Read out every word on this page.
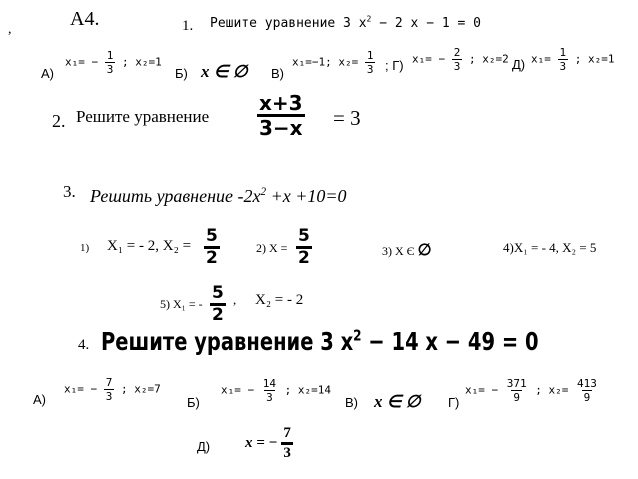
,	А4.	1. Решите уравнение 3 $x^2 - 2$ x − 1 = 0
А)
$x_1= - \frac{1}{3}$ ; x₂=1
Б) x ∈ ∅ В)
x₁=−1; $x_2= \frac{1}{3}$ ; Г) $x_1= - \frac{2}{3}$ ; x₂=2 Д) $x_1= \frac{1}{3}$ ; x₂=1
2. Решите уравнение $\frac{x+3}{3-x} = 3$
3. Решить уравнение $-2x^2 +x +10=0$
1) X₁ = - 2, $X_2 = \frac{5}{2}$	2) $X = \frac{5}{2}$	3) X Є ∅	4)X₁ = - 4, X₂ = 5
5) X₁ = - $\frac{5}{2}$ , X₂ = - 2
4. Решите уравнение 3 $x^2 - 14$ x − 49 = 0
А)
$x_1= - \frac{7}{3}$ ; x₂=7
Б)
$x_1= - \frac{14}{3}$ ; x₂=14
В) x ∈ ∅ Г)
$x_1= - \frac{371}{9}$ ; $x_2= \frac{413}{9}$
Д) x = − $\frac{7}{3}$
